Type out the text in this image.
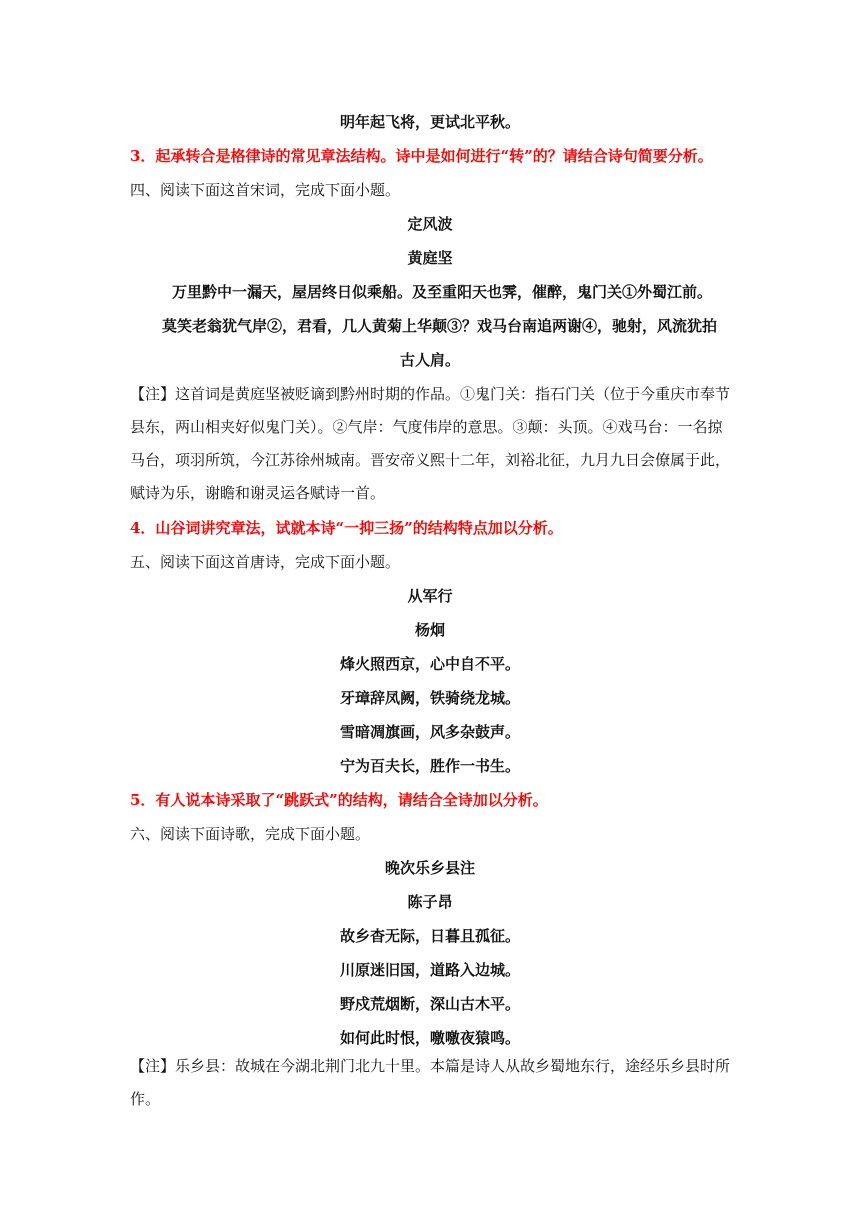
明年起飞将，更试北平秋。
3．起承转合是格律诗的常见章法结构。诗中是如何进行“转”的？请结合诗句简要分析。
四、阅读下面这首宋词，完成下面小题。
定风波
黄庭坚
万里黔中一漏天，屋居终日似乘船。及至重阳天也霁，催醉，鬼门关①外蜀江前。
莫笑老翁犹气岸②，君看，几人黄菊上华颠③？戏马台南追两谢④，驰射，风流犹拍
古人肩。
【注】这首词是黄庭坚被贬谪到黔州时期的作品。①鬼门关：指石门关（位于今重庆市奉节县东，两山相夹好似鬼门关）。②气岸：气度伟岸的意思。③颠：头顶。④戏马台：一名掠马台，项羽所筑，今江苏徐州城南。晋安帝义熙十二年，刘裕北征，九月九日会僚属于此，赋诗为乐，谢瞻和谢灵运各赋诗一首。
4．山谷词讲究章法，试就本诗“一抑三扬”的结构特点加以分析。
五、阅读下面这首唐诗，完成下面小题。
从军行
杨炯
烽火照西京，心中自不平。
牙璋辞凤阙，铁骑绕龙城。
雪暗凋旗画，风多杂鼓声。
宁为百夫长，胜作一书生。
5．有人说本诗采取了“跳跃式”的结构，请结合全诗加以分析。
六、阅读下面诗歌，完成下面小题。
晚次乐乡县注
陈子昂
故乡杳无际，日暮且孤征。
川原迷旧国，道路入边城。
野戍荒烟断，深山古木平。
如何此时恨，噭噭夜猿鸣。
【注】乐乡县：故城在今湖北荆门北九十里。本篇是诗人从故乡蜀地东行，途经乐乡县时所作。
